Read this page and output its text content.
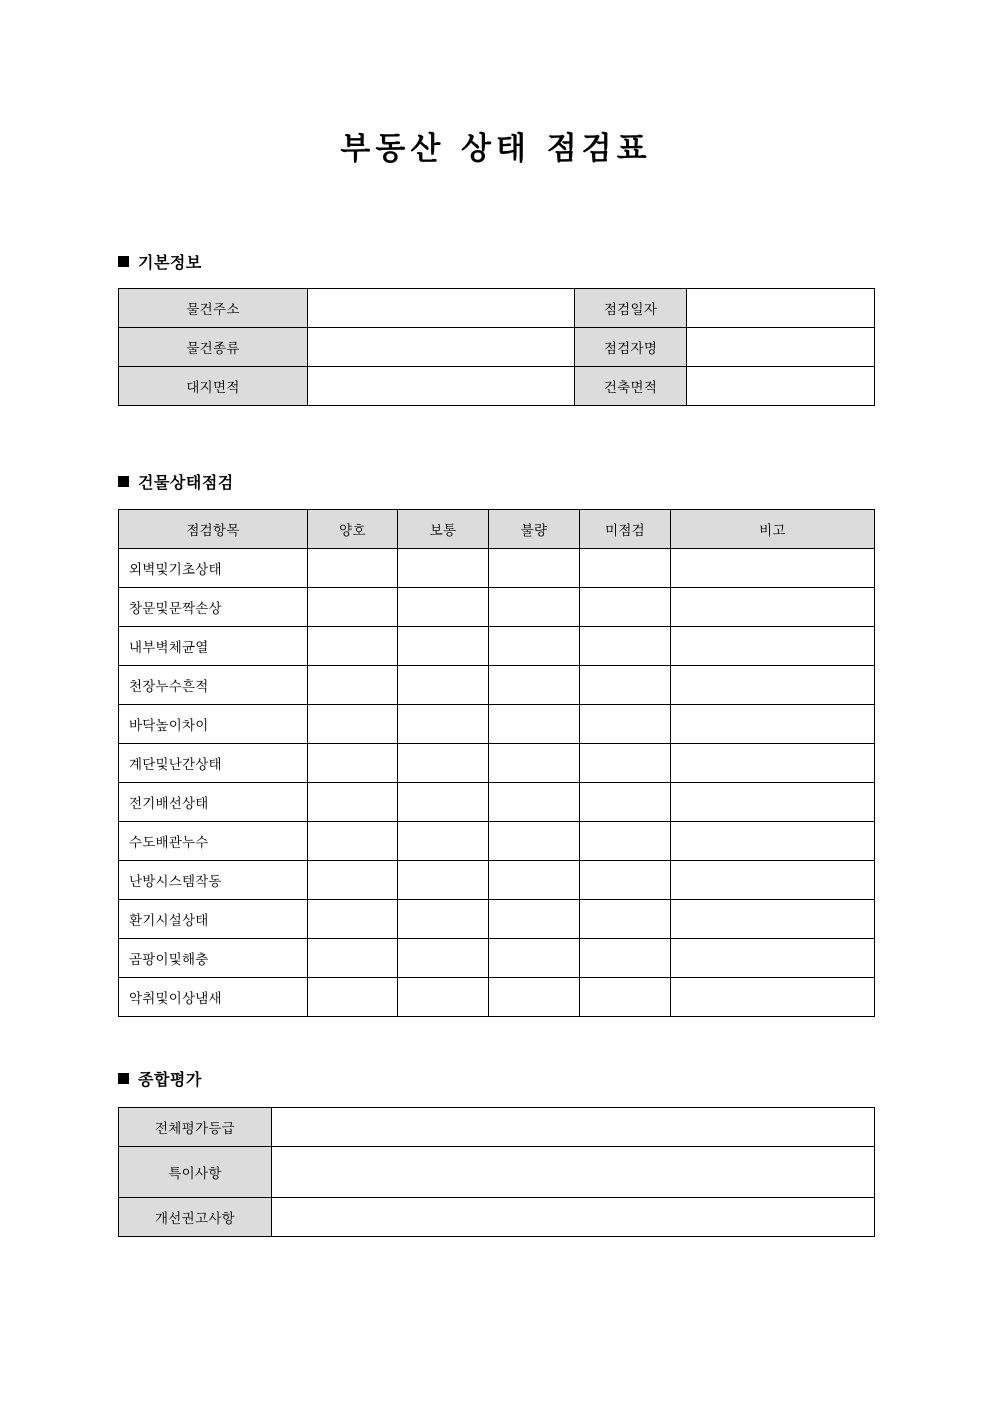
부동산 상태 점검표
기본정보
물건주소		점검일자	
물건종류		점검자명	
대지면적		건축면적	
건물상태점검
점검항목	양호	보통	불량	미점검	비고
외벽및기초상태					
창문및문짝손상					
내부벽체균열					
천장누수흔적					
바닥높이차이					
계단및난간상태					
전기배선상태					
수도배관누수					
난방시스템작동					
환기시설상태					
곰팡이및해충					
악취및이상냄새					
종합평가
전체평가등급	
특이사항	
개선권고사항	
